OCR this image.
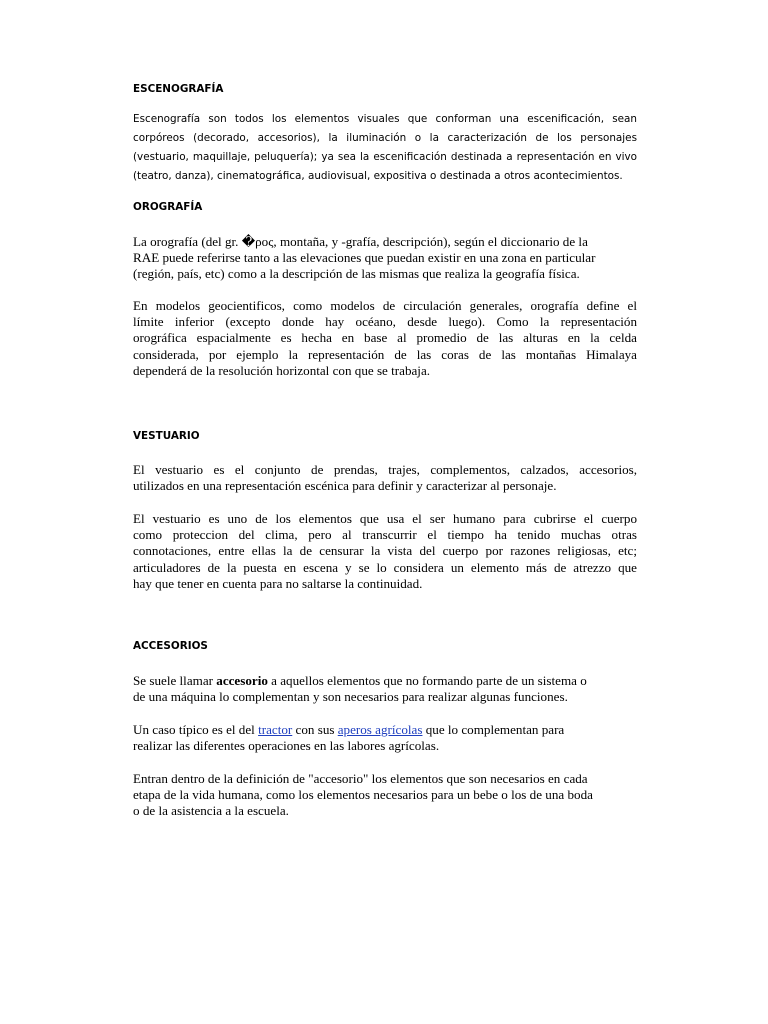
ESCENOGRAFÍA

Escenografía son todos los elementos visuales que conforman una escenificación, sean
corpóreos (decorado, accesorios), la iluminación o la caracterización de los personajes
(vestuario, maquillaje, peluquería); ya sea la escenificación destinada a representación en vivo
(teatro, danza), cinematográfica, audiovisual, expositiva o destinada a otros acontecimientos.

OROGRAFÍA

La orografía (del gr. �ρος, montaña, y -grafía, descripción), según el diccionario de la
RAE puede referirse tanto a las elevaciones que puedan existir en una zona en particular
(región, país, etc) como a la descripción de las mismas que realiza la geografía física.

En modelos geocientificos, como modelos de circulación generales, orografía define el
límite inferior (excepto donde hay océano, desde luego). Como la representación
orográfica espacialmente es hecha en base al promedio de las alturas en la celda
considerada, por ejemplo la representación de las coras de las montañas Himalaya
dependerá de la resolución horizontal con que se trabaja.

VESTUARIO

El vestuario es el conjunto de prendas, trajes, complementos, calzados, accesorios,
utilizados en una representación escénica para definir y caracterizar al personaje.

El vestuario es uno de los elementos que usa el ser humano para cubrirse el cuerpo
como proteccion del clima, pero al transcurrir el tiempo ha tenido muchas otras
connotaciones, entre ellas la de censurar la vista del cuerpo por razones religiosas, etc;
articuladores de la puesta en escena y se lo considera un elemento más de atrezzo que
hay que tener en cuenta para no saltarse la continuidad.

ACCESORIOS

Se suele llamar accesorio a aquellos elementos que no formando parte de un sistema o
de una máquina lo complementan y son necesarios para realizar algunas funciones.

Un caso típico es el del tractor con sus aperos agrícolas que lo complementan para
realizar las diferentes operaciones en las labores agrícolas.

Entran dentro de la definición de "accesorio" los elementos que son necesarios en cada
etapa de la vida humana, como los elementos necesarios para un bebe o los de una boda
o de la asistencia a la escuela.
